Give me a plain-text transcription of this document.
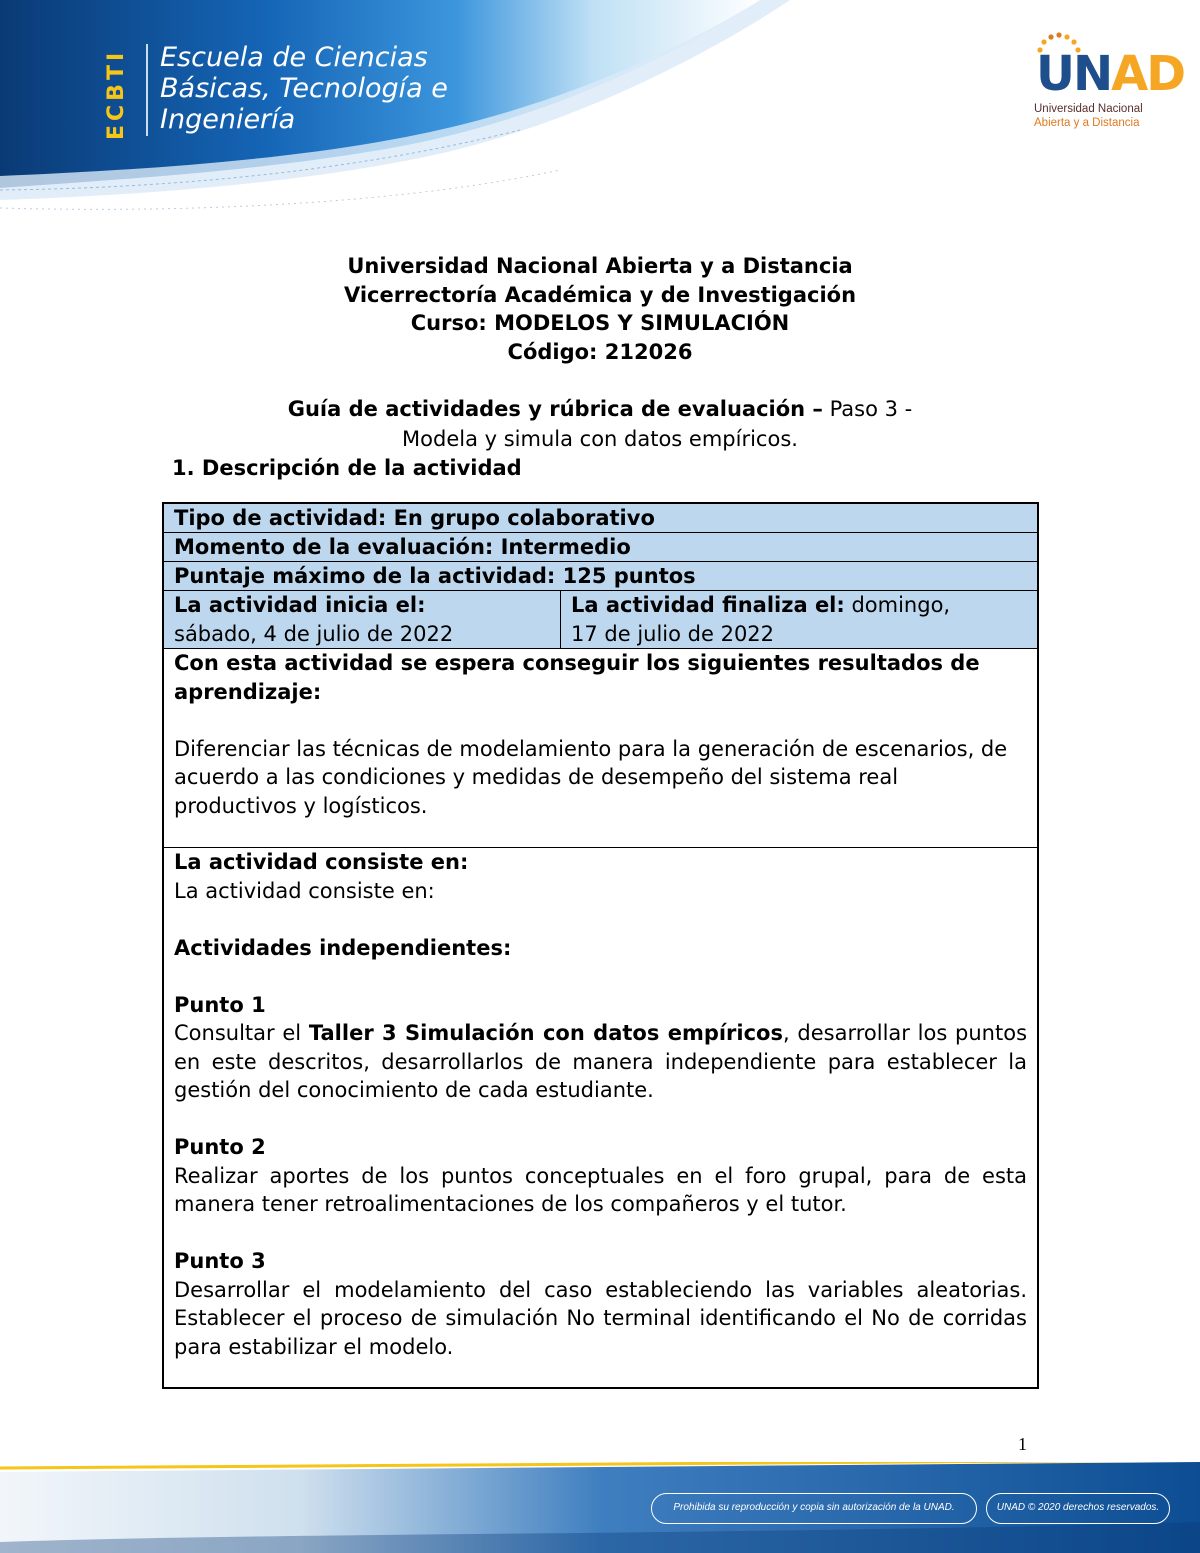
ECBTI	Escuela de Ciencias
Básicas, Tecnología e
Ingeniería
UNAD
Universidad Nacional
Abierta y a Distancia
Universidad Nacional Abierta y a Distancia
Vicerrectoría Académica y de Investigación
Curso: MODELOS Y SIMULACIÓN
Código: 212026
Guía de actividades y rúbrica de evaluación – Paso 3 -
Modela y simula con datos empíricos.
1. Descripción de la actividad
Tipo de actividad: En grupo colaborativo
Momento de la evaluación: Intermedio
Puntaje máximo de la actividad: 125 puntos
La actividad inicia el:
sábado, 4 de julio de 2022
La actividad finaliza el: domingo,
17 de julio de 2022
Con esta actividad se espera conseguir los siguientes resultados de aprendizaje:
Diferenciar las técnicas de modelamiento para la generación de escenarios, de acuerdo a las condiciones y medidas de desempeño del sistema real productivos y logísticos.
La actividad consiste en:
La actividad consiste en:
Actividades independientes:
Punto 1
Consultar el Taller 3 Simulación con datos empíricos, desarrollar los puntos en este descritos, desarrollarlos de manera independiente para establecer la gestión del conocimiento de cada estudiante.
Punto 2
Realizar aportes de los puntos conceptuales en el foro grupal, para de esta manera tener retroalimentaciones de los compañeros y el tutor.
Punto 3
Desarrollar el modelamiento del caso estableciendo las variables aleatorias. Establecer el proceso de simulación No terminal identificando el No de corridas para estabilizar el modelo.
1
Prohibida su reproducción y copia sin autorización de la UNAD.	UNAD © 2020 derechos reservados.
